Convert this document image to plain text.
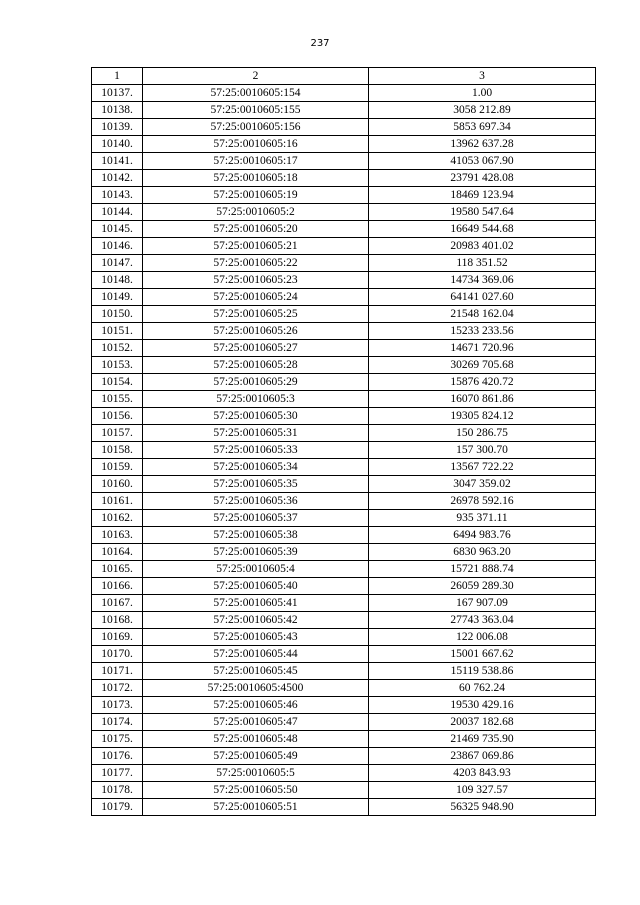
237
1	2	3
10137.	57:25:0010605:154	1.00
10138.	57:25:0010605:155	3058 212.89
10139.	57:25:0010605:156	5853 697.34
10140.	57:25:0010605:16	13962 637.28
10141.	57:25:0010605:17	41053 067.90
10142.	57:25:0010605:18	23791 428.08
10143.	57:25:0010605:19	18469 123.94
10144.	57:25:0010605:2	19580 547.64
10145.	57:25:0010605:20	16649 544.68
10146.	57:25:0010605:21	20983 401.02
10147.	57:25:0010605:22	118 351.52
10148.	57:25:0010605:23	14734 369.06
10149.	57:25:0010605:24	64141 027.60
10150.	57:25:0010605:25	21548 162.04
10151.	57:25:0010605:26	15233 233.56
10152.	57:25:0010605:27	14671 720.96
10153.	57:25:0010605:28	30269 705.68
10154.	57:25:0010605:29	15876 420.72
10155.	57:25:0010605:3	16070 861.86
10156.	57:25:0010605:30	19305 824.12
10157.	57:25:0010605:31	150 286.75
10158.	57:25:0010605:33	157 300.70
10159.	57:25:0010605:34	13567 722.22
10160.	57:25:0010605:35	3047 359.02
10161.	57:25:0010605:36	26978 592.16
10162.	57:25:0010605:37	935 371.11
10163.	57:25:0010605:38	6494 983.76
10164.	57:25:0010605:39	6830 963.20
10165.	57:25:0010605:4	15721 888.74
10166.	57:25:0010605:40	26059 289.30
10167.	57:25:0010605:41	167 907.09
10168.	57:25:0010605:42	27743 363.04
10169.	57:25:0010605:43	122 006.08
10170.	57:25:0010605:44	15001 667.62
10171.	57:25:0010605:45	15119 538.86
10172.	57:25:0010605:4500	60 762.24
10173.	57:25:0010605:46	19530 429.16
10174.	57:25:0010605:47	20037 182.68
10175.	57:25:0010605:48	21469 735.90
10176.	57:25:0010605:49	23867 069.86
10177.	57:25:0010605:5	4203 843.93
10178.	57:25:0010605:50	109 327.57
10179.	57:25:0010605:51	56325 948.90
